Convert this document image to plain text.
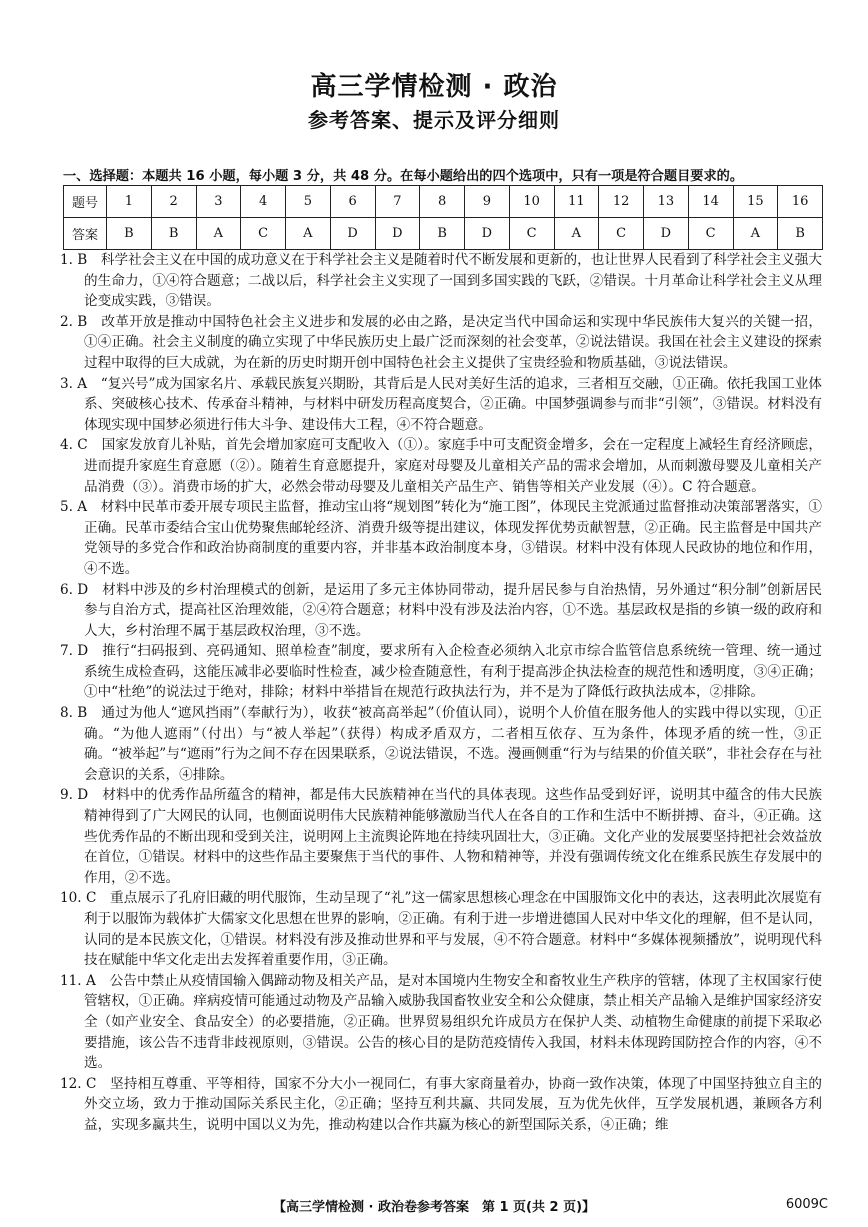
高三学情检测 · 政治
参考答案、提示及评分细则
一、选择题：本题共 16 小题，每小题 3 分，共 48 分。在每小题给出的四个选项中，只有一项是符合题目要求的。
题号	1	2	3	4	5	6	7	8	9	10	11	12	13	14	15	16
答案	B	B	A	C	A	D	D	B	D	C	A	C	D	C	A	B

1. B　 科学社会主义在中国的成功意义在于科学社会主义是随着时代不断发展和更新的，也让世界人民看到了科学社会主义强大的生命力，①④符合题意；二战以后，科学社会主义实现了一国到多国实践的飞跃，②错误。十月革命让科学社会主义从理论变成实践，③错误。

2. B　 改革开放是推动中国特色社会主义进步和发展的必由之路，是决定当代中国命运和实现中华民族伟大复兴的关键一招，①④正确。社会主义制度的确立实现了中华民族历史上最广泛而深刻的社会变革，②说法错误。我国在社会主义建设的探索过程中取得的巨大成就，为在新的历史时期开创中国特色社会主义提供了宝贵经验和物质基础，③说法错误。

3. A　 “复兴号”成为国家名片、承载民族复兴期盼，其背后是人民对美好生活的追求，三者相互交融，①正确。依托我国工业体系、突破核心技术、传承奋斗精神，与材料中研发历程高度契合，②正确。中国梦强调参与而非“引领”，③错误。材料没有体现实现中国梦必须进行伟大斗争、建设伟大工程，④不符合题意。

4. C　 国家发放育儿补贴，首先会增加家庭可支配收入（①）。家庭手中可支配资金增多，会在一定程度上减轻生育经济顾虑，进而提升家庭生育意愿（②）。随着生育意愿提升，家庭对母婴及儿童相关产品的需求会增加，从而刺激母婴及儿童相关产品消费（③）。消费市场的扩大，必然会带动母婴及儿童相关产品生产、销售等相关产业发展（④）。C 符合题意。

5. A　 材料中民革市委开展专项民主监督，推动宝山将“规划图”转化为“施工图”，体现民主党派通过监督推动决策部署落实，①正确。民革市委结合宝山优势聚焦邮轮经济、消费升级等提出建议，体现发挥优势贡献智慧，②正确。民主监督是中国共产党领导的多党合作和政治协商制度的重要内容，并非基本政治制度本身，③错误。材料中没有体现人民政协的地位和作用，④不选。

6. D　 材料中涉及的乡村治理模式的创新，是运用了多元主体协同带动，提升居民参与自治热情，另外通过“积分制”创新居民参与自治方式，提高社区治理效能，②④符合题意；材料中没有涉及法治内容，①不选。基层政权是指的乡镇一级的政府和人大，乡村治理不属于基层政权治理，③不选。

7. D　 推行“扫码报到、亮码通知、照单检查”制度，要求所有入企检查必须纳入北京市综合监管信息系统统一管理、统一通过系统生成检查码，这能压减非必要临时性检查，减少检查随意性，有利于提高涉企执法检查的规范性和透明度，③④正确；①中“杜绝”的说法过于绝对，排除；材料中举措旨在规范行政执法行为，并不是为了降低行政执法成本，②排除。

8. B　 通过为他人“遮风挡雨”（奉献行为），收获“被高高举起”（价值认同），说明个人价值在服务他人的实践中得以实现，①正确。“为他人遮雨”（付出）与“被人举起”（获得）构成矛盾双方，二者相互依存、互为条件，体现矛盾的统一性，③正确。“被举起”与“遮雨”行为之间不存在因果联系，②说法错误，不选。漫画侧重“行为与结果的价值关联”，非社会存在与社会意识的关系，④排除。

9. D　 材料中的优秀作品所蕴含的精神，都是伟大民族精神在当代的具体表现。这些作品受到好评，说明其中蕴含的伟大民族精神得到了广大网民的认同，也侧面说明伟大民族精神能够激励当代人在各自的工作和生活中不断拼搏、奋斗，④正确。这些优秀作品的不断出现和受到关注，说明网上主流舆论阵地在持续巩固壮大，③正确。文化产业的发展要坚持把社会效益放在首位，①错误。材料中的这些作品主要聚焦于当代的事件、人物和精神等，并没有强调传统文化在维系民族生存发展中的作用，②不选。

10. C　 重点展示了孔府旧藏的明代服饰，生动呈现了“礼”这一儒家思想核心理念在中国服饰文化中的表达，这表明此次展览有利于以服饰为载体扩大儒家文化思想在世界的影响，②正确。有利于进一步增进德国人民对中华文化的理解，但不是认同，认同的是本民族文化，①错误。材料没有涉及推动世界和平与发展，④不符合题意。材料中“多媒体视频播放”，说明现代科技在赋能中华文化走出去发挥着重要作用，③正确。

11. A　 公告中禁止从疫情国输入偶蹄动物及相关产品，是对本国境内生物安全和畜牧业生产秩序的管辖，体现了主权国家行使管辖权，①正确。痒病疫情可能通过动物及产品输入威胁我国畜牧业安全和公众健康，禁止相关产品输入是维护国家经济安全（如产业安全、食品安全）的必要措施，②正确。世界贸易组织允许成员方在保护人类、动植物生命健康的前提下采取必要措施，该公告不违背非歧视原则，③错误。公告的核心目的是防范疫情传入我国，材料未体现跨国防控合作的内容，④不选。

12. C　 坚持相互尊重、平等相待，国家不分大小一视同仁，有事大家商量着办，协商一致作决策，体现了中国坚持独立自主的外交立场，致力于推动国际关系民主化，②正确；坚持互利共赢、共同发展，互为优先伙伴，互学发展机遇，兼顾各方利益，实现多赢共生，说明中国以义为先，推动构建以合作共赢为核心的新型国际关系，④正确；维

【高三学情检测 · 政治卷参考答案　第 1 页(共 2 页)】	6009C
